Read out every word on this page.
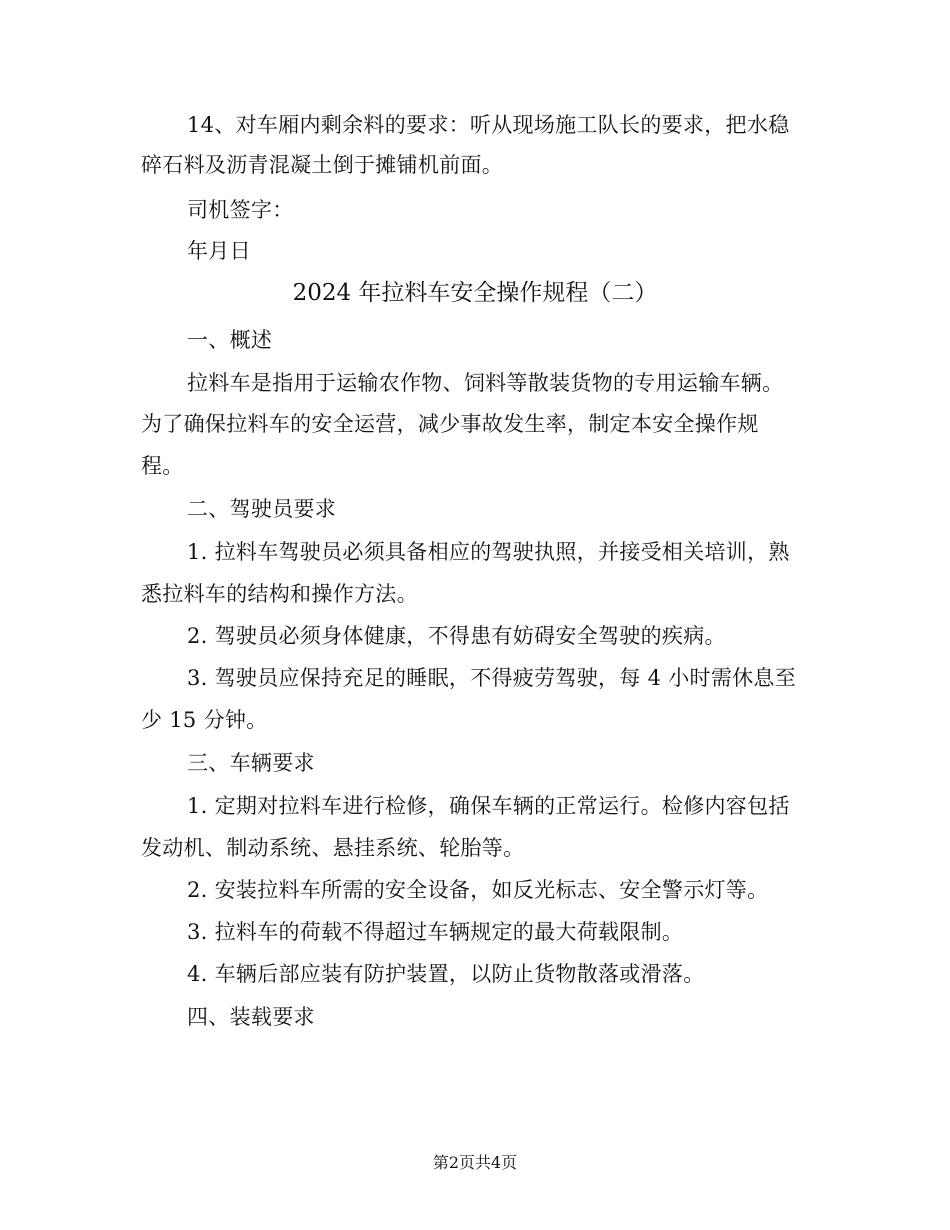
14、对车厢内剩余料的要求：听从现场施工队长的要求，把水稳
碎石料及沥青混凝土倒于摊铺机前面。
司机签字：
年月日
2024 年拉料车安全操作规程（二）
一、概述
拉料车是指用于运输农作物、饲料等散装货物的专用运输车辆。
为了确保拉料车的安全运营，减少事故发生率，制定本安全操作规
程。
二、驾驶员要求
1. 拉料车驾驶员必须具备相应的驾驶执照，并接受相关培训，熟
悉拉料车的结构和操作方法。
2. 驾驶员必须身体健康，不得患有妨碍安全驾驶的疾病。
3. 驾驶员应保持充足的睡眠，不得疲劳驾驶，每 4 小时需休息至
少 15 分钟。
三、车辆要求
1. 定期对拉料车进行检修，确保车辆的正常运行。检修内容包括
发动机、制动系统、悬挂系统、轮胎等。
2. 安装拉料车所需的安全设备，如反光标志、安全警示灯等。
3. 拉料车的荷载不得超过车辆规定的最大荷载限制。
4. 车辆后部应装有防护装置，以防止货物散落或滑落。
四、装载要求
第2页共4页
